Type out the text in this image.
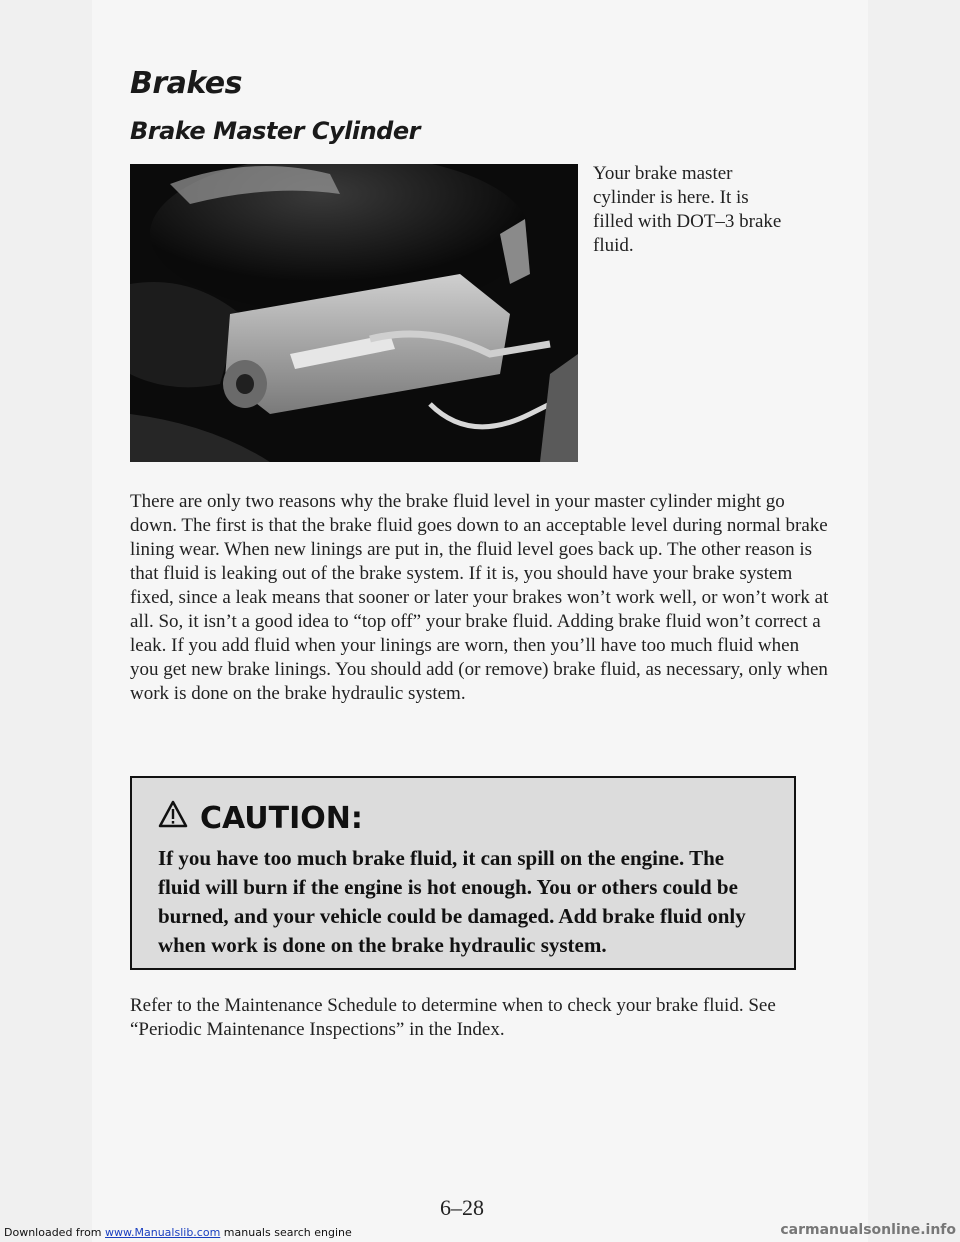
Brakes
Brake Master Cylinder

Your brake master cylinder is here. It is filled with DOT–3 brake fluid.

There are only two reasons why the brake fluid level in your master cylinder might go down. The first is that the brake fluid goes down to an acceptable level during normal brake lining wear. When new linings are put in, the fluid level goes back up. The other reason is that fluid is leaking out of the brake system. If it is, you should have your brake system fixed, since a leak means that sooner or later your brakes won’t work well, or won’t work at all. So, it isn’t a good idea to “top off” your brake fluid. Adding brake fluid won’t correct a leak. If you add fluid when your linings are worn, then you’ll have too much fluid when you get new brake linings. You should add (or remove) brake fluid, as necessary, only when work is done on the brake hydraulic system.

CAUTION:

If you have too much brake fluid, it can spill on the engine. The fluid will burn if the engine is hot enough. You or others could be burned, and your vehicle could be damaged. Add brake fluid only when work is done on the brake hydraulic system.

Refer to the Maintenance Schedule to determine when to check your brake fluid. See “Periodic Maintenance Inspections” in the Index.

6–28
Downloaded from www.Manualslib.com manuals search engine	carmanualsonline.info
